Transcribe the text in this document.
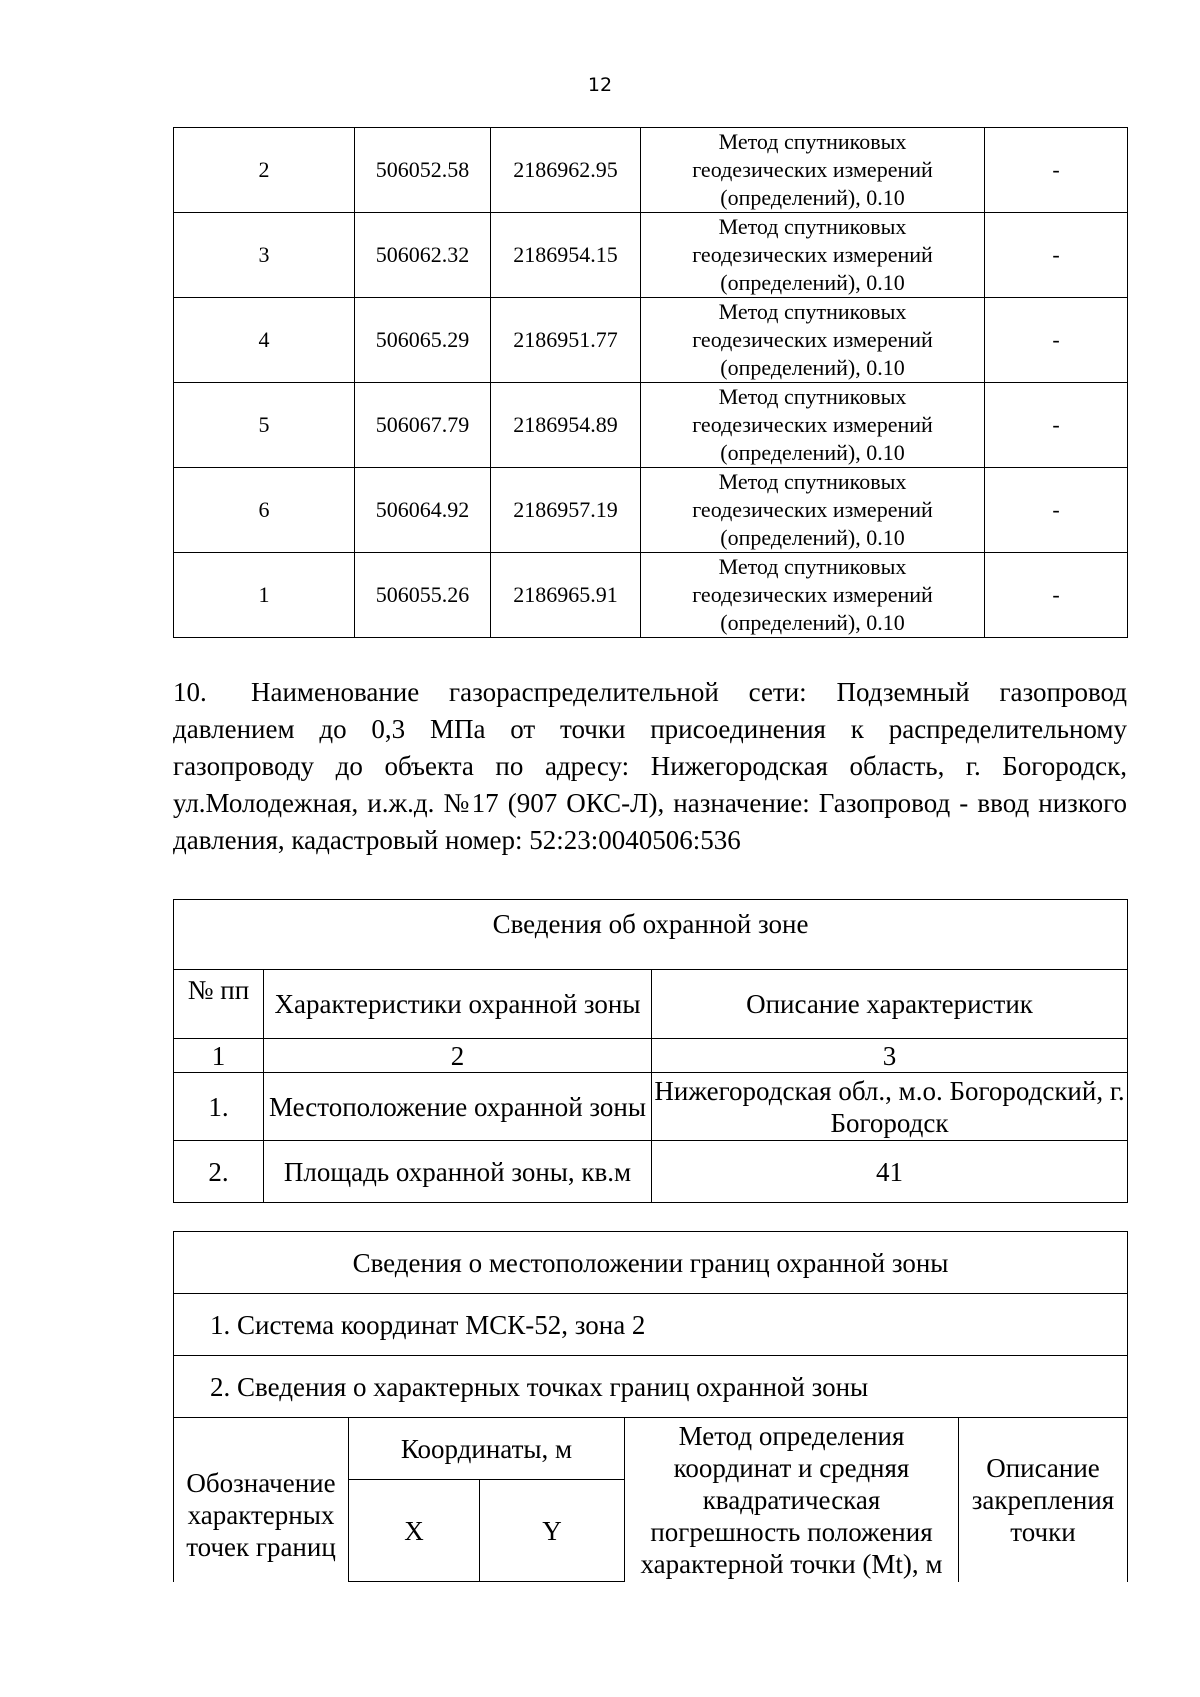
12
2	506052.58	2186962.95	Метод спутниковых
геодезических измерений
(определений), 0.10	-
3	506062.32	2186954.15	Метод спутниковых
геодезических измерений
(определений), 0.10	-
4	506065.29	2186951.77	Метод спутниковых
геодезических измерений
(определений), 0.10	-
5	506067.79	2186954.89	Метод спутниковых
геодезических измерений
(определений), 0.10	-
6	506064.92	2186957.19	Метод спутниковых
геодезических измерений
(определений), 0.10	-
1	506055.26	2186965.91	Метод спутниковых
геодезических измерений
(определений), 0.10	-
10. Наименование газораспределительной сети: Подземный газопровод давлением до 0,3 МПа от точки присоединения к распределительному газопроводу до объекта по адресу: Нижегородская область, г. Богородск, ул.Молодежная, и.ж.д. №17 (907 ОКС-Л), назначение: Газопровод - ввод низкого давления, кадастровый номер: 52:23:0040506:536
Сведения об охранной зоне		
№ пп	Характеристики охранной зоны	Описание характеристик
1	2	3
1.	Местоположение охранной зоны	Нижегородская обл., м.о. Богородский, г. Богородск
2.	Площадь охранной зоны, кв.м	41
Сведения о местоположении границ охранной зоны				
1. Система координат МСК-52, зона 2				
2. Сведения о характерных точках границ охранной зоны				
Обозначение характерных точек границ	Координаты, м		Метод определения координат и средняя квадратическая погрешность положения характерной точки (Mt), м	Описание закрепления точки
	X	Y		
